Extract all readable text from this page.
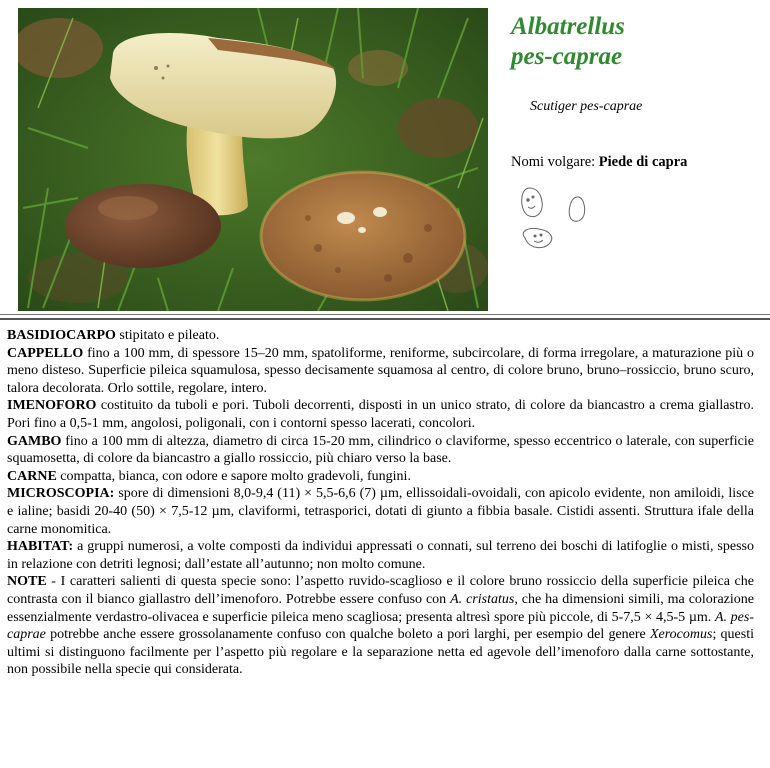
Albatrellus
pes-caprae
Scutiger pes-caprae
Nomi volgare: Piede di capra

BASIDIOCARPO stipitato e pileato.

CAPPELLO fino a 100 mm, di spessore 15–20 mm, spatoliforme, reniforme, subcircolare, di forma irregolare, a maturazione più o meno disteso. Superficie pileica squamulosa, spesso decisamente squamosa al centro, di colore bruno, bruno–rossiccio, bruno scuro, talora decolorata. Orlo sottile, regolare, intero.

IMENOFORO costituito da tuboli e pori. Tuboli decorrenti, disposti in un unico strato, di colore da biancastro a crema giallastro. Pori fino a 0,5-1 mm, angolosi, poligonali, con i contorni spesso lacerati, concolori.

GAMBO fino a 100 mm di altezza, diametro di circa 15-20 mm, cilindrico o claviforme, spesso eccentrico o laterale, con superficie squamosetta, di colore da biancastro a giallo rossiccio, più chiaro verso la base.

CARNE compatta, bianca, con odore e sapore molto gradevoli, fungini.

MICROSCOPIA: spore di dimensioni 8,0-9,4 (11) × 5,5-6,6 (7) µm, ellissoidali-ovoidali, con apicolo evidente, non amiloidi, lisce e ialine; basidi 20-40 (50) × 7,5-12 µm, claviformi, tetrasporici, dotati di giunto a fibbia basale. Cistidi assenti. Struttura ifale della carne monomitica.

HABITAT: a gruppi numerosi, a volte composti da individui appressati o connati, sul terreno dei boschi di latifoglie o misti, spesso in relazione con detriti legnosi; dall’estate all’autunno; non molto comune.

NOTE - I caratteri salienti di questa specie sono: l’aspetto ruvido-scaglioso e il colore bruno rossiccio della superficie pileica che contrasta con il bianco giallastro dell’imenoforo. Potrebbe essere confuso con A. cristatus, che ha dimensioni simili, ma colorazione essenzialmente verdastro-olivacea e superficie pileica meno scagliosa; presenta altresì spore più piccole, di 5-7,5 × 4,5-5 µm. A. pes-caprae potrebbe anche essere grossolanamente confuso con qualche boleto a pori larghi, per esempio del genere Xerocomus; questi ultimi si distinguono facilmente per l’aspetto più regolare e la separazione netta ed agevole dell’imenoforo dalla carne sottostante, non possibile nella specie qui considerata.
